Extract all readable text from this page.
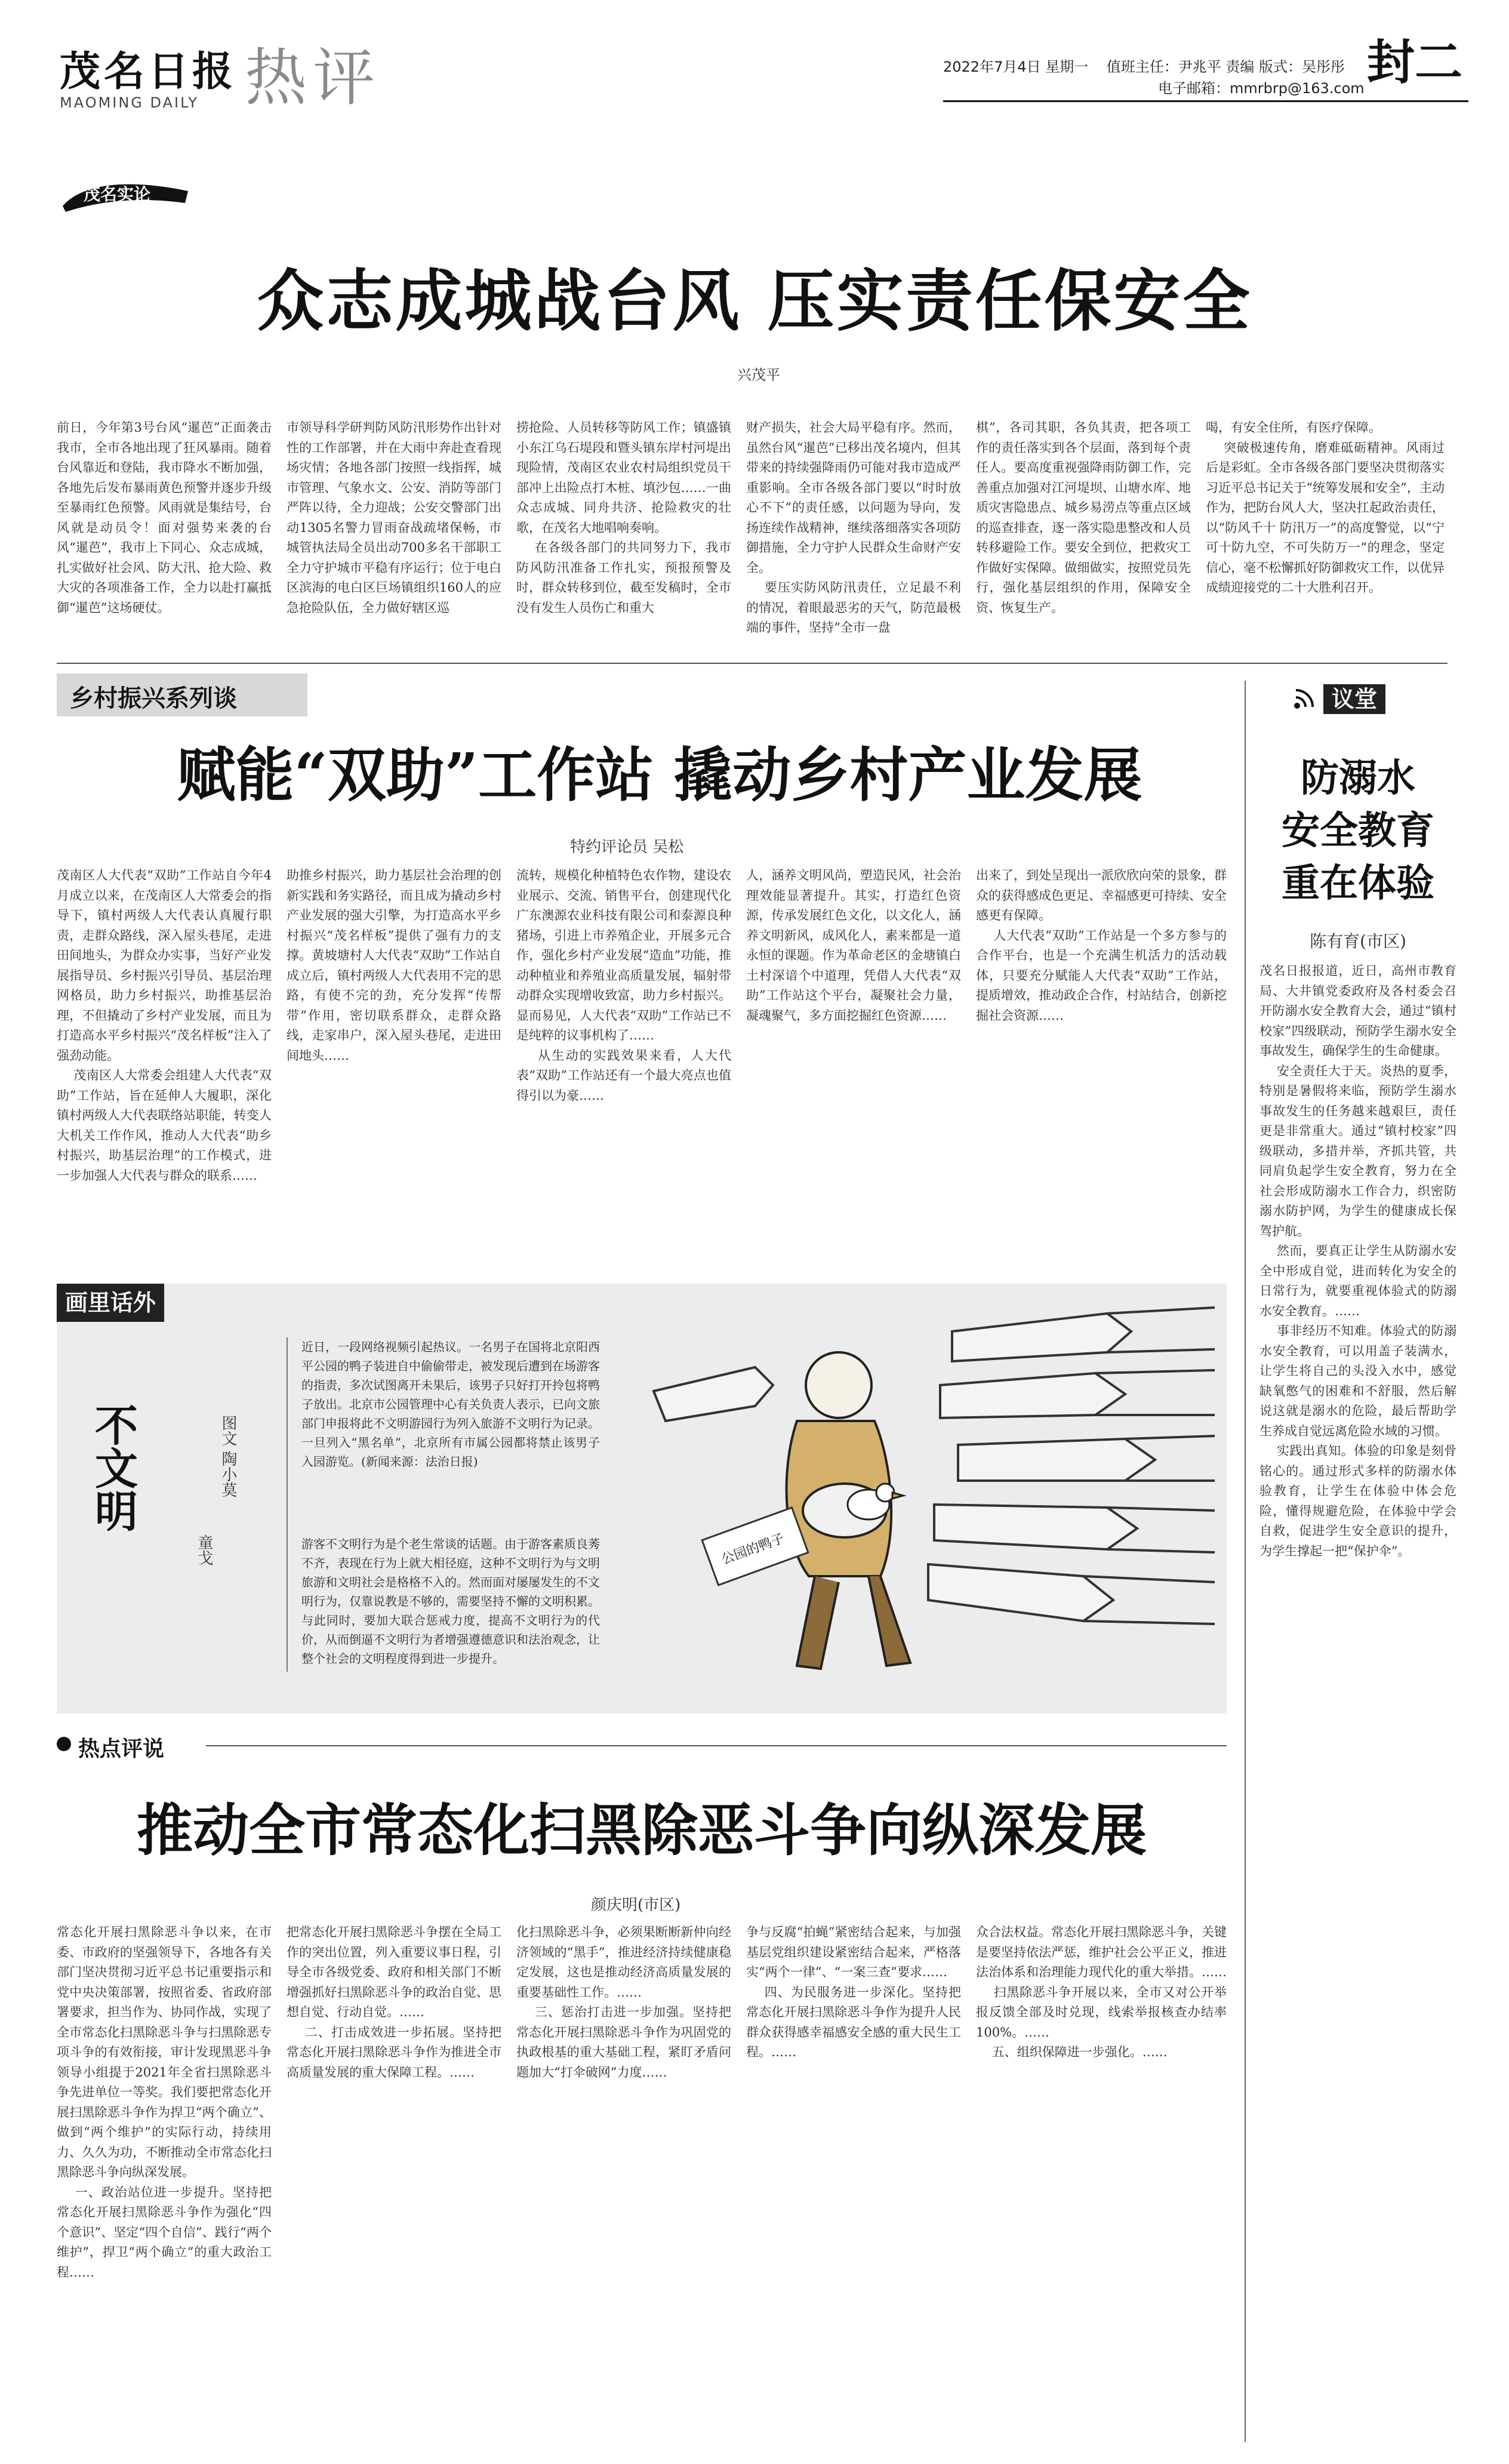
茂名日报
MAOMING DAILY 热评	2022年7月4日 星期一 值班主任：尹兆平 责编 版式：吴彤彤
电子邮箱：mmrbrp@163.com 封二
茂名实论
众志成城战台风 压实责任保安全
兴茂平
前日，今年第3号台风“暹芭”正面袭击我市，全市各地出现了狂风暴雨。随着台风靠近和登陆，我市降水不断加强，各地先后发布暴雨黄色预警并逐步升级至暴雨红色预警。风雨就是集结号，台风就是动员令！面对强势来袭的台风“暹芭”，我市上下同心、众志成城，扎实做好社会风、防大汛、抢大险、救大灾的各项准备工作，全力以赴打赢抵御“暹芭”这场硬仗。
市领导科学研判防风防汛形势作出针对性的工作部署，并在大雨中奔赴查看现场灾情；各地各部门按照一线指挥，城市管理、气象水文、公安、消防等部门严阵以待，全力迎战；公安交警部门出动1305名警力冒雨奋战疏堵保畅，市城管执法局全员出动700多名干部职工全力守护城市平稳有序运行；位于电白区滨海的电白区巨场镇组织160人的应急抢险队伍，全力做好辖区巡
捞抢险、人员转移等防风工作；镇盛镇小东江乌石堤段和暨头镇东岸村河堤出现险情，茂南区农业农村局组织党员干部冲上出险点打木桩、填沙包……一曲众志成城、同舟共济、抢险救灾的壮歌，在茂名大地唱响奏响。
在各级各部门的共同努力下，我市防风防汛准备工作扎实，预报预警及时，群众转移到位，截至发稿时，全市没有发生人员伤亡和重大
财产损失，社会大局平稳有序。然而，虽然台风“暹芭”已移出茂名境内，但其带来的持续强降雨仍可能对我市造成严重影响。全市各级各部门要以“时时放心不下”的责任感，以问题为导向，发扬连续作战精神，继续落细落实各项防御措施，全力守护人民群众生命财产安全。
要压实防风防汛责任，立足最不利的情况，着眼最恶劣的天气，防范最极端的事件，坚持“全市一盘
棋”，各司其职，各负其责，把各项工作的责任落实到各个层面，落到每个责任人。要高度重视强降雨防御工作，完善重点加强对江河堤坝、山塘水库、地质灾害隐患点、城乡易涝点等重点区域的巡查排查，逐一落实隐患整改和人员转移避险工作。要安全到位，把救灾工作做好实保障。做细做实，按照党员先行，强化基层组织的作用，保障安全资、恢复生产。
喝，有安全住所，有医疗保障。
突破极速传角，磨难砥砺精神。风雨过后是彩虹。全市各级各部门要坚决贯彻落实习近平总书记关于“统筹发展和安全”，主动作为，把防台风人大，坚决扛起政治责任，以“防风千十 防汛万一”的高度警觉，以“宁可十防九空，不可失防万一”的理念，坚定信心，毫不松懈抓好防御救灾工作，以优异成绩迎接党的二十大胜利召开。
乡村振兴系列谈
赋能“双助”工作站 撬动乡村产业发展
特约评论员 吴松
茂南区人大代表“双助”工作站自今年4月成立以来，在茂南区人大常委会的指导下，镇村两级人大代表认真履行职责，走群众路线，深入屋头巷尾，走进田间地头，为群众办实事，当好产业发展指导员、乡村振兴引导员、基层治理网格员，助力乡村振兴，助推基层治理，不但撬动了乡村产业发展，而且为打造高水平乡村振兴“茂名样板”注入了强劲动能。
茂南区人大常委会组建人大代表“双助”工作站，旨在延伸人大履职，深化镇村两级人大代表联络站职能，转变人大机关工作作风，推动人大代表“助乡村振兴，助基层治理”的工作模式，进一步加强人大代表与群众的联系……
助推乡村振兴，助力基层社会治理的创新实践和务实路径，而且成为撬动乡村产业发展的强大引擎，为打造高水平乡村振兴“茂名样板”提供了强有力的支撑。黄坡塘村人大代表“双助”工作站自成立后，镇村两级人大代表用不完的思路，有使不完的劲，充分发挥“传帮带”作用，密切联系群众，走群众路线，走家串户，深入屋头巷尾，走进田间地头……
流转，规模化种植特色农作物，建设农业展示、交流、销售平台，创建现代化广东澳源农业科技有限公司和泰源良种猪场，引进上市养殖企业，开展多元合作，强化乡村产业发展“造血”功能，推动种植业和养殖业高质量发展，辐射带动群众实现增收致富，助力乡村振兴。显而易见，人大代表“双助”工作站已不是纯粹的议事机构了……
从生动的实践效果来看，人大代表“双助”工作站还有一个最大亮点也值得引以为豪……
人，涵养文明风尚，塑造民风，社会治理效能显著提升。其实，打造红色资源，传承发展红色文化，以文化人，涵养文明新风，成风化人，素来都是一道永恒的课题。作为革命老区的金塘镇白土村深谙个中道理，凭借人大代表“双助”工作站这个平台，凝聚社会力量，凝魂聚气，多方面挖掘红色资源……
出来了，到处呈现出一派欣欣向荣的景象，群众的获得感成色更足、幸福感更可持续、安全感更有保障。
人大代表“双助”工作站是一个多方参与的合作平台，也是一个充满生机活力的活动载体，只要充分赋能人大代表“双助”工作站，提质增效，推动政企合作，村站结合，创新挖掘社会资源……
议堂
防溺水
安全教育
重在体验
陈有育(市区)
茂名日报报道，近日，高州市教育局、大井镇党委政府及各村委会召开防溺水安全教育大会，通过“镇村校家”四级联动，预防学生溺水安全事故发生，确保学生的生命健康。
安全责任大于天。炎热的夏季，特别是暑假将来临，预防学生溺水事故发生的任务越来越艰巨，责任更是非常重大。通过“镇村校家”四级联动，多措并举，齐抓共管，共同肩负起学生安全教育，努力在全社会形成防溺水工作合力，织密防溺水防护网，为学生的健康成长保驾护航。
然而，要真正让学生从防溺水安全中形成自觉，进而转化为安全的日常行为，就要重视体验式的防溺水安全教育。……
事非经历不知难。体验式的防溺水安全教育，可以用盖子装满水，让学生将自己的头没入水中，感觉缺氧憋气的困难和不舒服，然后解说这就是溺水的危险，最后帮助学生养成自觉远离危险水域的习惯。
实践出真知。体验的印象是刻骨铭心的。通过形式多样的防溺水体验教育，让学生在体验中体会危险，懂得规避危险，在体验中学会自救，促进学生安全意识的提升，为学生撑起一把“保护伞”。
画里话外
不文明	图文 陶小莫
童戈
近日，一段网络视频引起热议。一名男子在国将北京阳西平公园的鸭子装进自中偷偷带走，被发现后遭到在场游客的指责，多次试图离开未果后，该男子只好打开拎包将鸭子放出。北京市公园管理中心有关负责人表示，已向文旅部门申报将此不文明游园行为列入旅游不文明行为记录。一旦列入“黑名单”，北京所有市属公园都将禁止该男子入园游览。(新闻来源：法治日报)
游客不文明行为是个老生常谈的话题。由于游客素质良莠不齐，表现在行为上就大相径庭，这种不文明行为与文明旅游和文明社会是格格不入的。然而面对屡屡发生的不文明行为，仅靠说教是不够的，需要坚持不懈的文明积累。与此同时，要加大联合惩戒力度，提高不文明行为的代价，从而倒逼不文明行为者增强遵德意识和法治观念，让整个社会的文明程度得到进一步提升。
公园的鸭子
热点评说
推动全市常态化扫黑除恶斗争向纵深发展
颜庆明(市区)
常态化开展扫黑除恶斗争以来，在市委、市政府的坚强领导下，各地各有关部门坚决贯彻习近平总书记重要指示和党中央决策部署，按照省委、省政府部署要求，担当作为、协同作战，实现了全市常态化扫黑除恶斗争与扫黑除恶专项斗争的有效衔接，审计发现黑恶斗争领导小组提于2021年全省扫黑除恶斗争先进单位一等奖。我们要把常态化开展扫黑除恶斗争作为捍卫“两个确立”、做到“两个维护”的实际行动，持续用力、久久为功，不断推动全市常态化扫黑除恶斗争向纵深发展。
一、政治站位进一步提升。坚持把常态化开展扫黑除恶斗争作为强化“四个意识”、坚定“四个自信”、践行“两个维护”，捍卫“两个确立”的重大政治工程……
把常态化开展扫黑除恶斗争摆在全局工作的突出位置，列入重要议事日程，引导全市各级党委、政府和相关部门不断增强抓好扫黑除恶斗争的政治自觉、思想自觉、行动自觉。……
二、打击成效进一步拓展。坚持把常态化开展扫黑除恶斗争作为推进全市高质量发展的重大保障工程。……
化扫黑除恶斗争，必须果断断新仲向经济领域的“黑手”，推进经济持续健康稳定发展，这也是推动经济高质量发展的重要基础性工作。……
三、惩治打击进一步加强。坚持把常态化开展扫黑除恶斗争作为巩固党的执政根基的重大基础工程，紧盯矛盾问题加大“打伞破网”力度……
争与反腐“拍蝇”紧密结合起来，与加强基层党组织建设紧密结合起来，严格落实“两个一律”、“一案三查”要求……
四、为民服务进一步深化。坚持把常态化开展扫黑除恶斗争作为提升人民群众获得感幸福感安全感的重大民生工程。……
众合法权益。常态化开展扫黑除恶斗争，关键是要坚持依法严惩，维护社会公平正义，推进法治体系和治理能力现代化的重大举措。……
扫黑除恶斗争开展以来，全市又对公开举报反馈全部及时兑现，线索举报核查办结率100%。……
五、组织保障进一步强化。……
